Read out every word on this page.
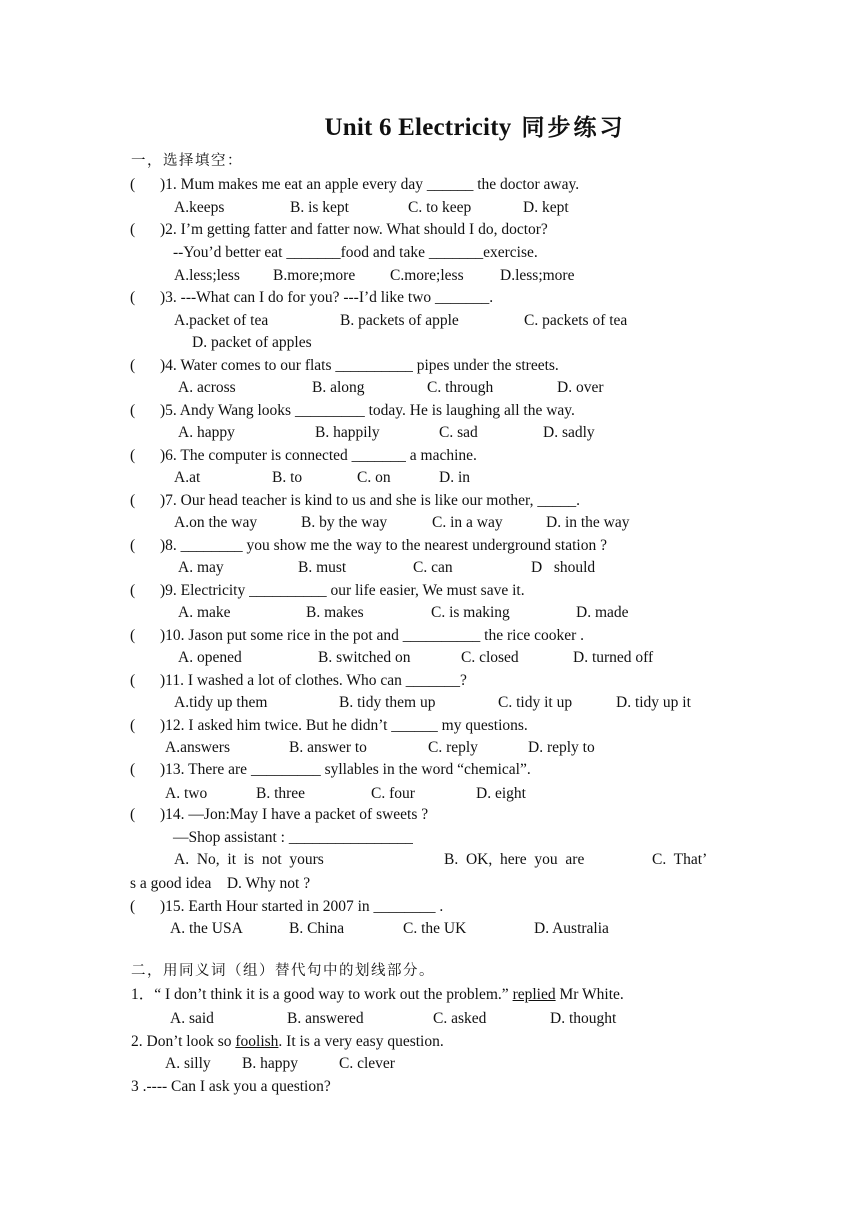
Unit 6 Electricity 同步练习
一，选择填空：
( )1. Mum makes me eat an apple every day ______ the doctor away.
A.keeps	B. is kept	C. to keep	D. kept
( )2. I’m getting fatter and fatter now. What should I do, doctor?
--You’d better eat _______food and take _______exercise.
A.less;less B.more;more C.more;less D.less;more
( )3. ---What can I do for you? ---I’d like two _______.
A.packet of tea	B. packets of apple	C. packets of tea
D. packet of apples
( )4. Water comes to our flats __________ pipes under the streets.
A. across	B. along	C. through	D. over
( )5. Andy Wang looks _________ today. He is laughing all the way.
A. happy	B. happily	C. sad	D. sadly
( )6. The computer is connected _______ a machine.
A.at	B. to	C. on	D. in
( )7. Our head teacher is kind to us and she is like our mother, _____.
A.on the way	B. by the way	C. in a way	D. in the way
( )8. ________ you show me the way to the nearest underground station ?
A. may	B. must	C. can	D   should
( )9. Electricity __________ our life easier, We must save it.
A. make	B. makes	C. is making	D. made
( )10. Jason put some rice in the pot and __________ the rice cooker .
A. opened	B. switched on	C. closed	D. turned off
( )11. I washed a lot of clothes. Who can _______?
A.tidy up them	B. tidy them up	C. tidy it up	D. tidy up it
( )12. I asked him twice. But he didn’t ______ my questions.
A.answers	B. answer to	C. reply	D. reply to
( )13. There are _________ syllables in the word “chemical”.
A. two	B. three	C. four	D. eight
( )14. —Jon:May I have a packet of sweets ?
—Shop assistant : ________________
A.  No,  it  is  not  yours	B.  OK,  here  you  are	C.  That’
s a good idea    D. Why not ?
( )15. Earth Hour started in 2007 in ________ .
A. the USA	B. China	C. the UK	D. Australia
二，用同义词（组）替代句中的划线部分。
1．“ I don’t think it is a good way to work out the problem.” replied Mr White.
A. said	B. answered	C. asked	D. thought
2. Don’t look so foolish. It is a very easy question.
A. silly B. happy	C. clever
3 .---- Can I ask you a question?
